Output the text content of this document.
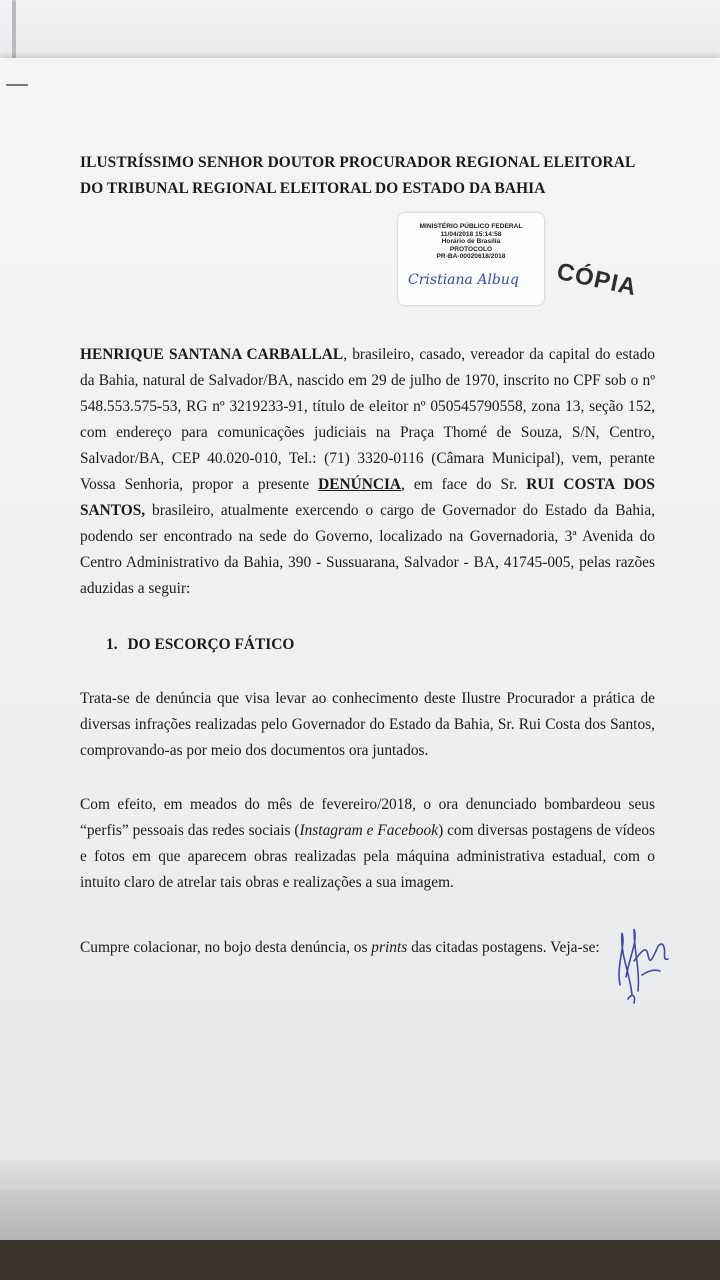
ILUSTRÍSSIMO SENHOR DOUTOR PROCURADOR REGIONAL ELEITORAL
DO TRIBUNAL REGIONAL ELEITORAL DO ESTADO DA BAHIA
MINISTÉRIO PÚBLICO FEDERAL
11/04/2018 15:14:58
Horário de Brasília
PROTOCOLO
PR-BA-00020618/2018
Cristiana Albuq	CÓPIA
HENRIQUE SANTANA CARBALLAL, brasileiro, casado, vereador da capital do estado da Bahia, natural de Salvador/BA, nascido em 29 de julho de 1970, inscrito no CPF sob o nº 548.553.575-53, RG nº 3219233-91, título de eleitor nº 050545790558, zona 13, seção 152, com endereço para comunicações judiciais na Praça Thomé de Souza, S/N, Centro, Salvador/BA, CEP 40.020-010, Tel.: (71) 3320-0116 (Câmara Municipal), vem, perante Vossa Senhoria, propor a presente DENÚNCIA, em face do Sr. RUI COSTA DOS SANTOS, brasileiro, atualmente exercendo o cargo de Governador do Estado da Bahia, podendo ser encontrado na sede do Governo, localizado na Governadoria, 3ª Avenida do Centro Administrativo da Bahia, 390 - Sussuarana, Salvador - BA, 41745-005, pelas razões aduzidas a seguir:
1. DO ESCORÇO FÁTICO
Trata-se de denúncia que visa levar ao conhecimento deste Ilustre Procurador a prática de diversas infrações realizadas pelo Governador do Estado da Bahia, Sr. Rui Costa dos Santos, comprovando-as por meio dos documentos ora juntados.
Com efeito, em meados do mês de fevereiro/2018, o ora denunciado bombardeou seus “perfis” pessoais das redes sociais (Instagram e Facebook) com diversas postagens de vídeos e fotos em que aparecem obras realizadas pela máquina administrativa estadual, com o intuito claro de atrelar tais obras e realizações a sua imagem.
Cumpre colacionar, no bojo desta denúncia, os prints das citadas postagens. Veja-se:
